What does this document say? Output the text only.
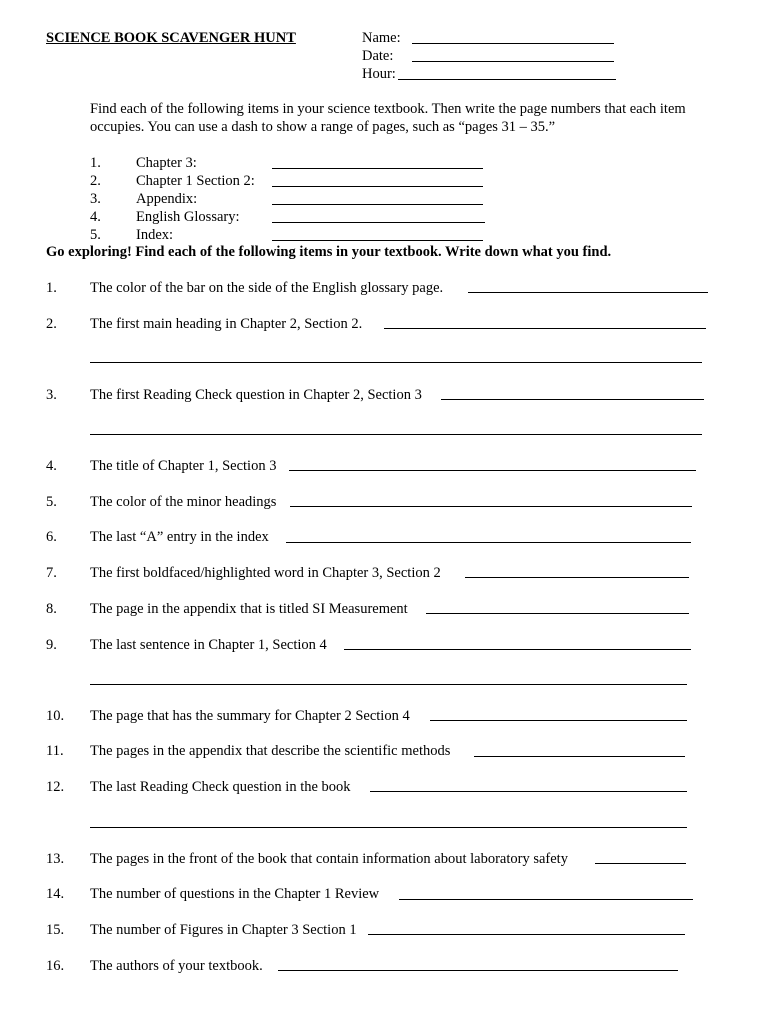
SCIENCE BOOK SCAVENGER HUNT	Name:
Date:
Hour:
Find each of the following items in your science textbook. Then write the page numbers that each item
occupies. You can use a dash to show a range of pages, such as “pages 31 – 35.”
1. Chapter 3:
2. Chapter 1 Section 2:
3. Appendix:
4. English Glossary:
5. Index:
Go exploring! Find each of the following items in your textbook. Write down what you find.
1. The color of the bar on the side of the English glossary page.
2. The first main heading in Chapter 2, Section 2.
3. The first Reading Check question in Chapter 2, Section 3
4. The title of Chapter 1, Section 3
5. The color of the minor headings
6. The last “A” entry in the index
7. The first boldfaced/highlighted word in Chapter 3, Section 2
8. The page in the appendix that is titled SI Measurement
9. The last sentence in Chapter 1, Section 4
10. The page that has the summary for Chapter 2 Section 4
11. The pages in the appendix that describe the scientific methods
12. The last Reading Check question in the book
13. The pages in the front of the book that contain information about laboratory safety
14. The number of questions in the Chapter 1 Review
15. The number of Figures in Chapter 3 Section 1
16. The authors of your textbook.
